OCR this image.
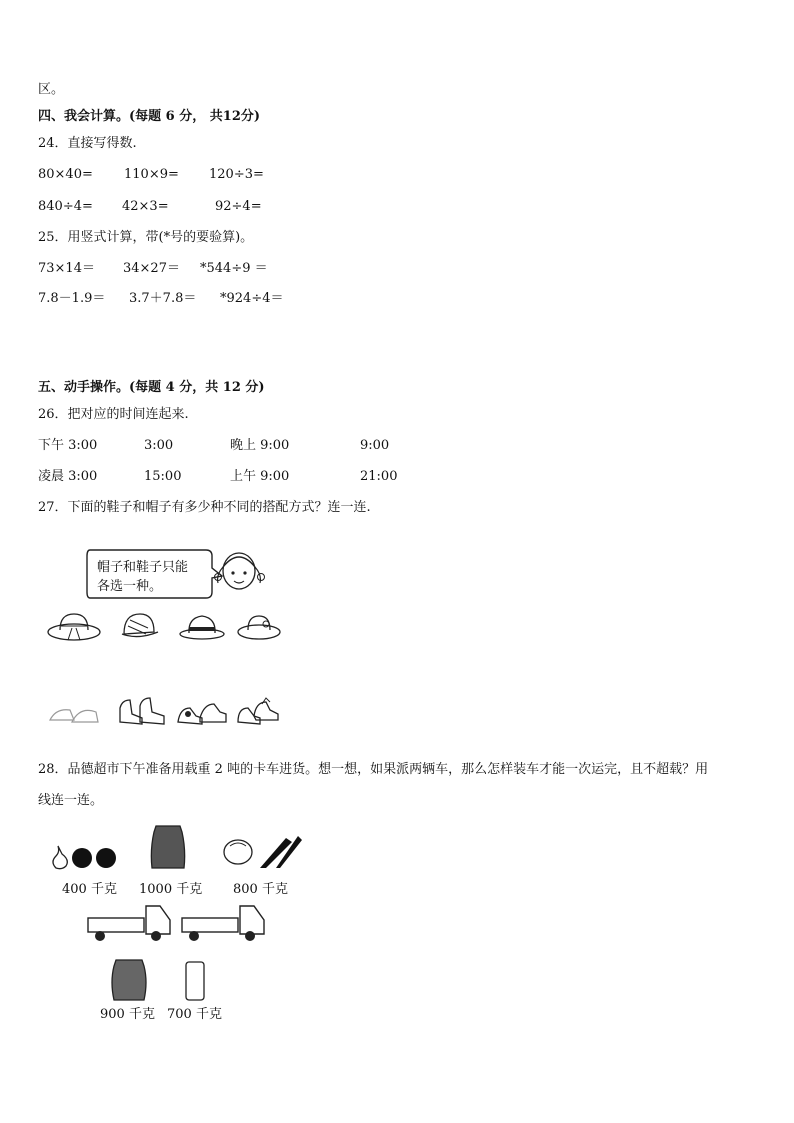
区。
四、我会计算。(每题 6 分， 共12分)
24．直接写得数.
80×40= 110×9= 120÷3=
840÷4= 42×3=	92÷4=
25．用竖式计算，带(*号的要验算)。
73×14＝ 34×27＝ *544÷9 ＝
7.8－1.9＝ 3.7＋7.8＝ *924÷4＝
五、动手操作。(每题 4 分，共 12 分)
26．把对应的时间连起来.
下午 3:00	3:00	晚上 9:00	9:00
凌晨 3:00	15:00	上午 9:00	21:00
27．下面的鞋子和帽子有多少种不同的搭配方式？连一连.
帽子和鞋子只能
各选一种。
28．品德超市下午准备用载重 2 吨的卡车进货。想一想，如果派两辆车，那么怎样装车才能一次运完，且不超载？用
线连一连。
400 千克 1000 千克 800 千克
900 千克 700 千克
